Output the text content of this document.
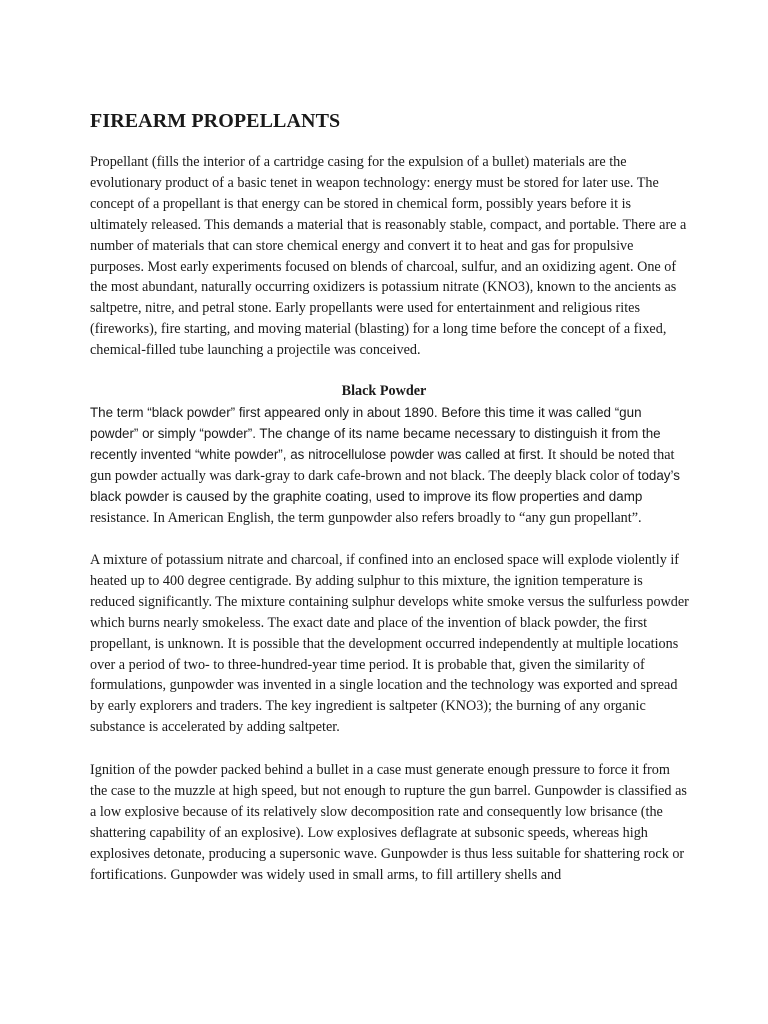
FIREARM PROPELLANTS

Propellant (fills the interior of a cartridge casing for the expulsion of a bullet) materials are the evolutionary product of a basic tenet in weapon technology: energy must be stored for later use. The concept of a propellant is that energy can be stored in chemical form, possibly years before it is ultimately released. This demands a material that is reasonably stable, compact, and portable. There are a number of materials that can store chemical energy and convert it to heat and gas for propulsive purposes. Most early experiments focused on blends of charcoal, sulfur, and an oxidizing agent. One of the most abundant, naturally occurring oxidizers is potassium nitrate (KNO3), known to the ancients as saltpetre, nitre, and petral stone. Early propellants were used for entertainment and religious rites (fireworks), fire starting, and moving material (blasting) for a long time before the concept of a fixed, chemical-filled tube launching a projectile was conceived.

Black Powder

The term “black powder” first appeared only in about 1890. Before this time it was called “gun powder” or simply “powder”. The change of its name became necessary to distinguish it from the recently invented “white powder”, as nitrocellulose powder was called at first. It should be noted that gun powder actually was dark-gray to dark cafe-brown and not black. The deeply black color of today’s black powder is caused by the graphite coating, used to improve its flow properties and damp resistance. In American English, the term gunpowder also refers broadly to “any gun propellant”.

A mixture of potassium nitrate and charcoal, if confined into an enclosed space will explode violently if heated up to 400 degree centigrade. By adding sulphur to this mixture, the ignition temperature is reduced significantly. The mixture containing sulphur develops white smoke versus the sulfurless powder which burns nearly smokeless. The exact date and place of the invention of black powder, the first propellant, is unknown. It is possible that the development occurred independently at multiple locations over a period of two- to three-hundred-year time period. It is probable that, given the similarity of formulations, gunpowder was invented in a single location and the technology was exported and spread by early explorers and traders. The key ingredient is saltpeter (KNO3); the burning of any organic substance is accelerated by adding saltpeter.

Ignition of the powder packed behind a bullet in a case must generate enough pressure to force it from the case to the muzzle at high speed, but not enough to rupture the gun barrel. Gunpowder is classified as a low explosive because of its relatively slow decomposition rate and consequently low brisance (the shattering capability of an explosive). Low explosives deflagrate at subsonic speeds, whereas high explosives detonate, producing a supersonic wave. Gunpowder is thus less suitable for shattering rock or fortifications. Gunpowder was widely used in small arms, to fill artillery shells and
